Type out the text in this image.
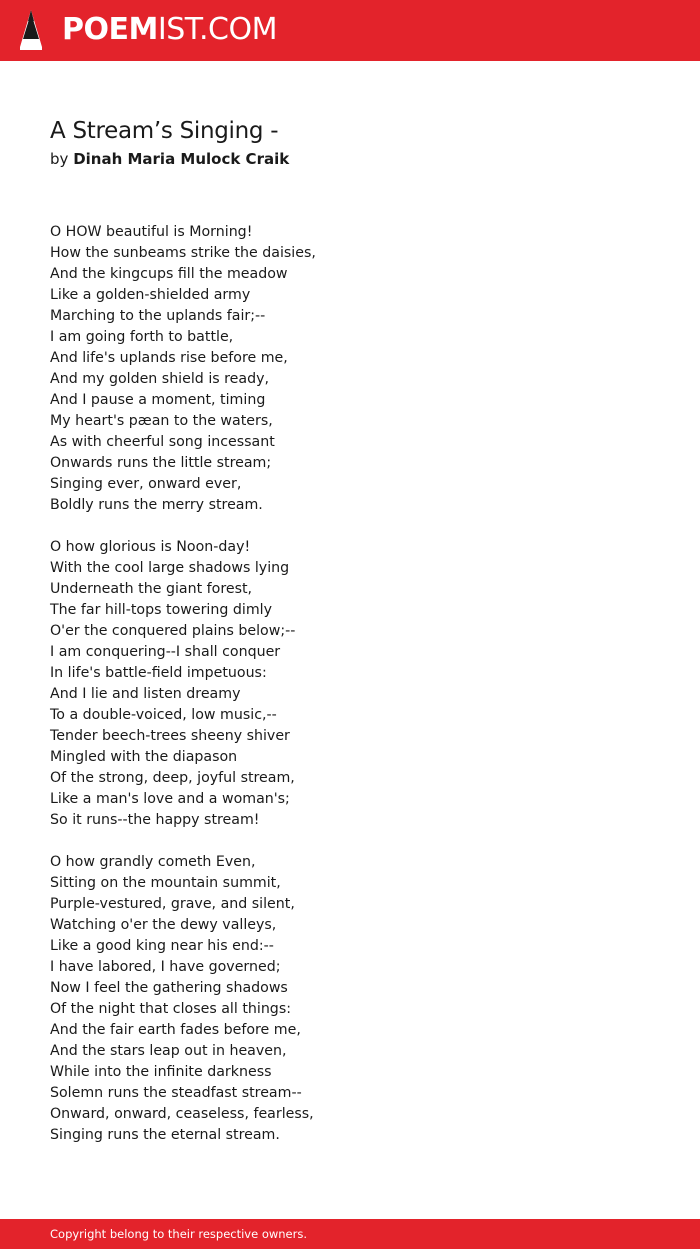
POEMIST.COM
A Stream’s Singing -

by Dinah Maria Mulock Craik

O HOW beautiful is Morning!
How the sunbeams strike the daisies,
And the kingcups fill the meadow
Like a golden-shielded army
Marching to the uplands fair;--
I am going forth to battle,
And life's uplands rise before me,
And my golden shield is ready,
And I pause a moment, timing
My heart's pæan to the waters,
As with cheerful song incessant
Onwards runs the little stream;
Singing ever, onward ever,
Boldly runs the merry stream.
O how glorious is Noon-day!
With the cool large shadows lying
Underneath the giant forest,
The far hill-tops towering dimly
O'er the conquered plains below;--
I am conquering--I shall conquer
In life's battle-field impetuous:
And I lie and listen dreamy
To a double-voiced, low music,--
Tender beech-trees sheeny shiver
Mingled with the diapason
Of the strong, deep, joyful stream,
Like a man's love and a woman's;
So it runs--the happy stream!
O how grandly cometh Even,
Sitting on the mountain summit,
Purple-vestured, grave, and silent,
Watching o'er the dewy valleys,
Like a good king near his end:--
I have labored, I have governed;
Now I feel the gathering shadows
Of the night that closes all things:
And the fair earth fades before me,
And the stars leap out in heaven,
While into the infinite darkness
Solemn runs the steadfast stream--
Onward, onward, ceaseless, fearless,
Singing runs the eternal stream.
Copyright belong to their respective owners.
